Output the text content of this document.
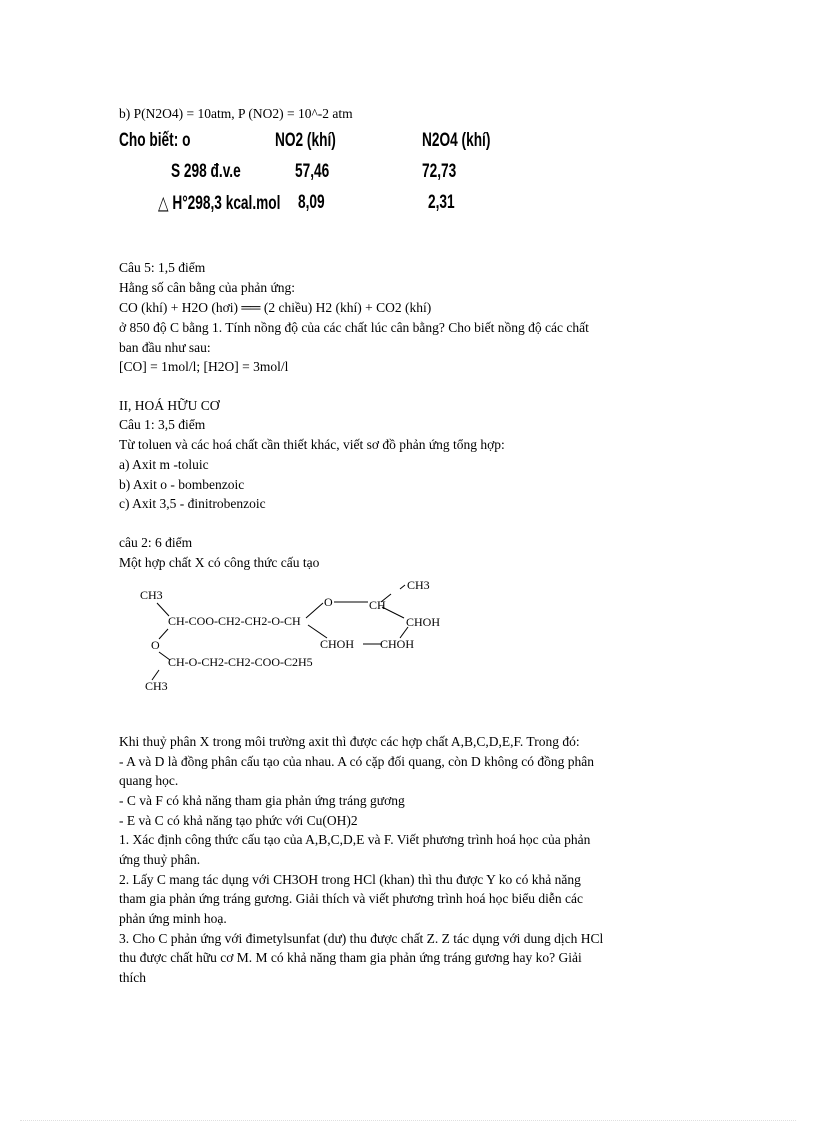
b) P(N2O4) = 10atm, P (NO2) = 10^-2 atm
Cho biết: o	NO2 (khí)	N2O4 (khí)
S 298 đ.v.e	57,46	72,73
△ H°298,3 kcal.mol 8,09	2,31
Câu 5: 1,5 điểm
Hằng số cân bằng của phản ứng:
CO (khí) + H2O (hơi) ══ (2 chiều) H2 (khí) + CO2 (khí)
ở 850 độ C bằng 1. Tính nồng độ của các chất lúc cân bằng? Cho biết nồng độ các chất
ban đầu như sau:
[CO] = 1mol/l; [H2O] = 3mol/l
II, HOÁ HỮU CƠ
Câu 1: 3,5 điểm
Từ toluen và các hoá chất cần thiết khác, viết sơ đồ phản ứng tổng hợp:
a) Axit m -toluic
b) Axit o - bombenzoic
c) Axit 3,5 - đinitrobenzoic
câu 2: 6 điểm
Một hợp chất X có công thức cấu tạo
CH3
CH-COO-CH2-CH2-O-CH
O
CH-O-CH2-CH2-COO-C2H5
CH3
O	CH
CH3
CHOH
CHOH CHOH
Khi thuỷ phân X trong môi trường axit thì được các hợp chất A,B,C,D,E,F. Trong đó:
- A và D là đồng phân cấu tạo của nhau. A có cặp đối quang, còn D không có đồng phân
quang học.
- C và F có khả năng tham gia phản ứng tráng gương
- E và C có khả năng tạo phức với Cu(OH)2
1. Xác định công thức cấu tạo của A,B,C,D,E và F. Viết phương trình hoá học của phản
ứng thuỷ phân.
2. Lấy C mang tác dụng với CH3OH trong HCl (khan) thì thu được Y ko có khả năng
tham gia phản ứng tráng gương. Giải thích và viết phương trình hoá học biểu diễn các
phản ứng minh hoạ.
3. Cho C phản ứng với đimetylsunfat (dư) thu được chất Z. Z tác dụng với dung dịch HCl
thu được chất hữu cơ M. M có khả năng tham gia phản ứng tráng gương hay ko? Giải
thích
